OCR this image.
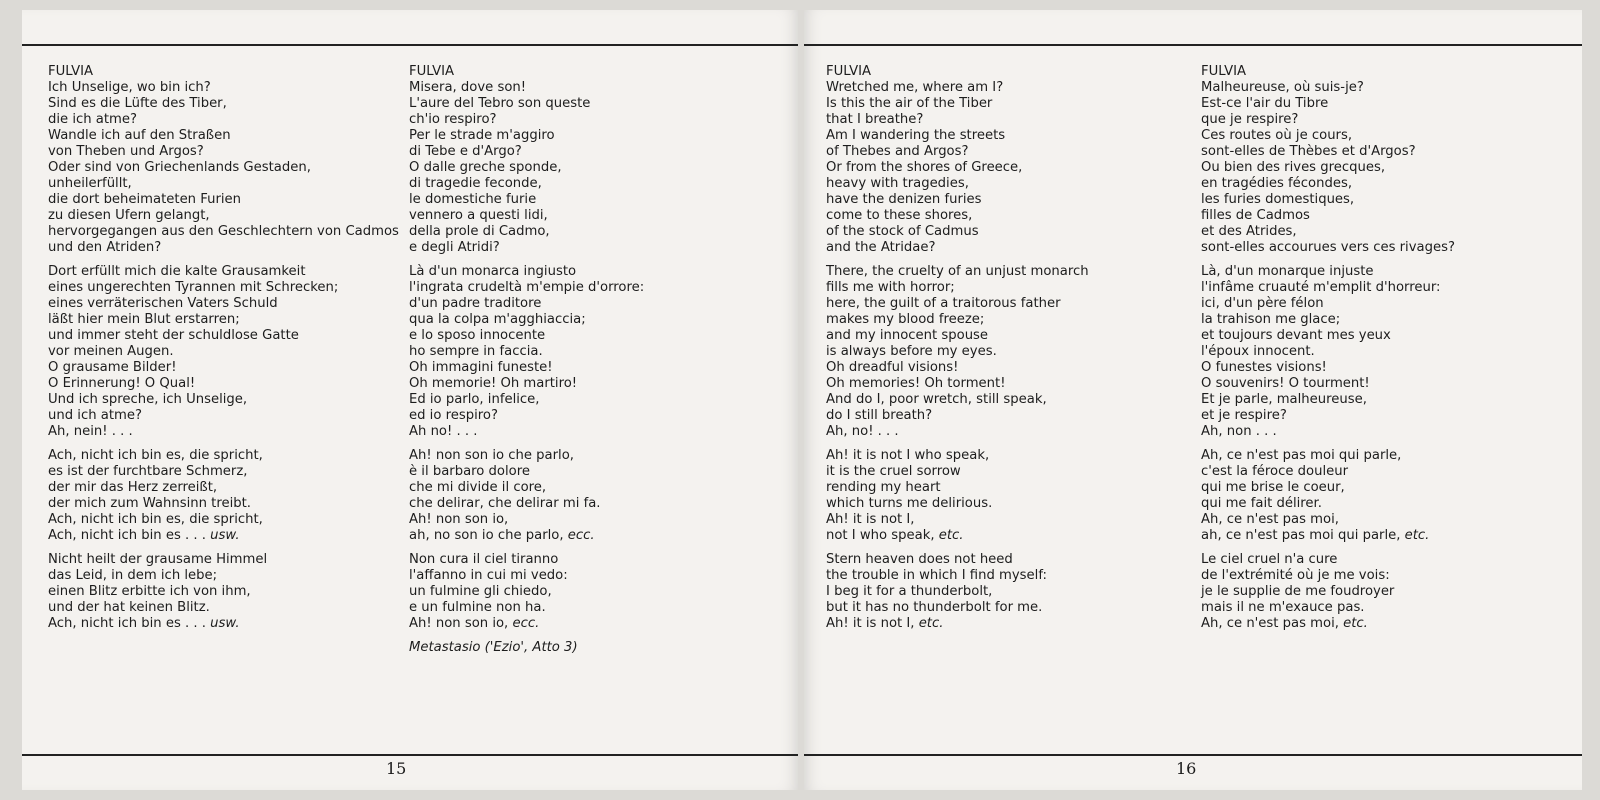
FULVIA
Ich Unselige, wo bin ich?
Sind es die Lüfte des Tiber,
die ich atme?
Wandle ich auf den Straßen
von Theben und Argos?
Oder sind von Griechenlands Gestaden,
unheilerfüllt,
die dort beheimateten Furien
zu diesen Ufern gelangt,
hervorgegangen aus den Geschlechtern von Cadmos
und den Atriden?
Dort erfüllt mich die kalte Grausamkeit
eines ungerechten Tyrannen mit Schrecken;
eines verräterischen Vaters Schuld
läßt hier mein Blut erstarren;
und immer steht der schuldlose Gatte
vor meinen Augen.
O grausame Bilder!
O Erinnerung! O Qual!
Und ich spreche, ich Unselige,
und ich atme?
Ah, nein! . . .
Ach, nicht ich bin es, die spricht,
es ist der furchtbare Schmerz,
der mir das Herz zerreißt,
der mich zum Wahnsinn treibt.
Ach, nicht ich bin es, die spricht,
Ach, nicht ich bin es . . . usw.
Nicht heilt der grausame Himmel
das Leid, in dem ich lebe;
einen Blitz erbitte ich von ihm,
und der hat keinen Blitz.
Ach, nicht ich bin es . . . usw.
FULVIA
Misera, dove son!
L'aure del Tebro son queste
ch'io respiro?
Per le strade m'aggiro
di Tebe e d'Argo?
O dalle greche sponde,
di tragedie feconde,
le domestiche furie
vennero a questi lidi,
della prole di Cadmo,
e degli Atridi?
Là d'un monarca ingiusto
l'ingrata crudeltà m'empie d'orrore:
d'un padre traditore
qua la colpa m'agghiaccia;
e lo sposo innocente
ho sempre in faccia.
Oh immagini funeste!
Oh memorie! Oh martiro!
Ed io parlo, infelice,
ed io respiro?
Ah no! . . .
Ah! non son io che parlo,
è il barbaro dolore
che mi divide il core,
che delirar, che delirar mi fa.
Ah! non son io,
ah, no son io che parlo, ecc.
Non cura il ciel tiranno
l'affanno in cui mi vedo:
un fulmine gli chiedo,
e un fulmine non ha.
Ah! non son io, ecc.
Metastasio ('Ezio', Atto 3)
15
FULVIA
Wretched me, where am I?
Is this the air of the Tiber
that I breathe?
Am I wandering the streets
of Thebes and Argos?
Or from the shores of Greece,
heavy with tragedies,
have the denizen furies
come to these shores,
of the stock of Cadmus
and the Atridae?
There, the cruelty of an unjust monarch
fills me with horror;
here, the guilt of a traitorous father
makes my blood freeze;
and my innocent spouse
is always before my eyes.
Oh dreadful visions!
Oh memories! Oh torment!
And do I, poor wretch, still speak,
do I still breath?
Ah, no! . . .
Ah! it is not I who speak,
it is the cruel sorrow
rending my heart
which turns me delirious.
Ah! it is not I,
not I who speak, etc.
Stern heaven does not heed
the trouble in which I find myself:
I beg it for a thunderbolt,
but it has no thunderbolt for me.
Ah! it is not I, etc.
FULVIA
Malheureuse, où suis-je?
Est-ce l'air du Tibre
que je respire?
Ces routes où je cours,
sont-elles de Thèbes et d'Argos?
Ou bien des rives grecques,
en tragédies fécondes,
les furies domestiques,
filles de Cadmos
et des Atrides,
sont-elles accourues vers ces rivages?
Là, d'un monarque injuste
l'infâme cruauté m'emplit d'horreur:
ici, d'un père félon
la trahison me glace;
et toujours devant mes yeux
l'époux innocent.
O funestes visions!
O souvenirs! O tourment!
Et je parle, malheureuse,
et je respire?
Ah, non . . .
Ah, ce n'est pas moi qui parle,
c'est la féroce douleur
qui me brise le coeur,
qui me fait délirer.
Ah, ce n'est pas moi,
ah, ce n'est pas moi qui parle, etc.
Le ciel cruel n'a cure
de l'extrémité où je me vois:
je le supplie de me foudroyer
mais il ne m'exauce pas.
Ah, ce n'est pas moi, etc.
16
